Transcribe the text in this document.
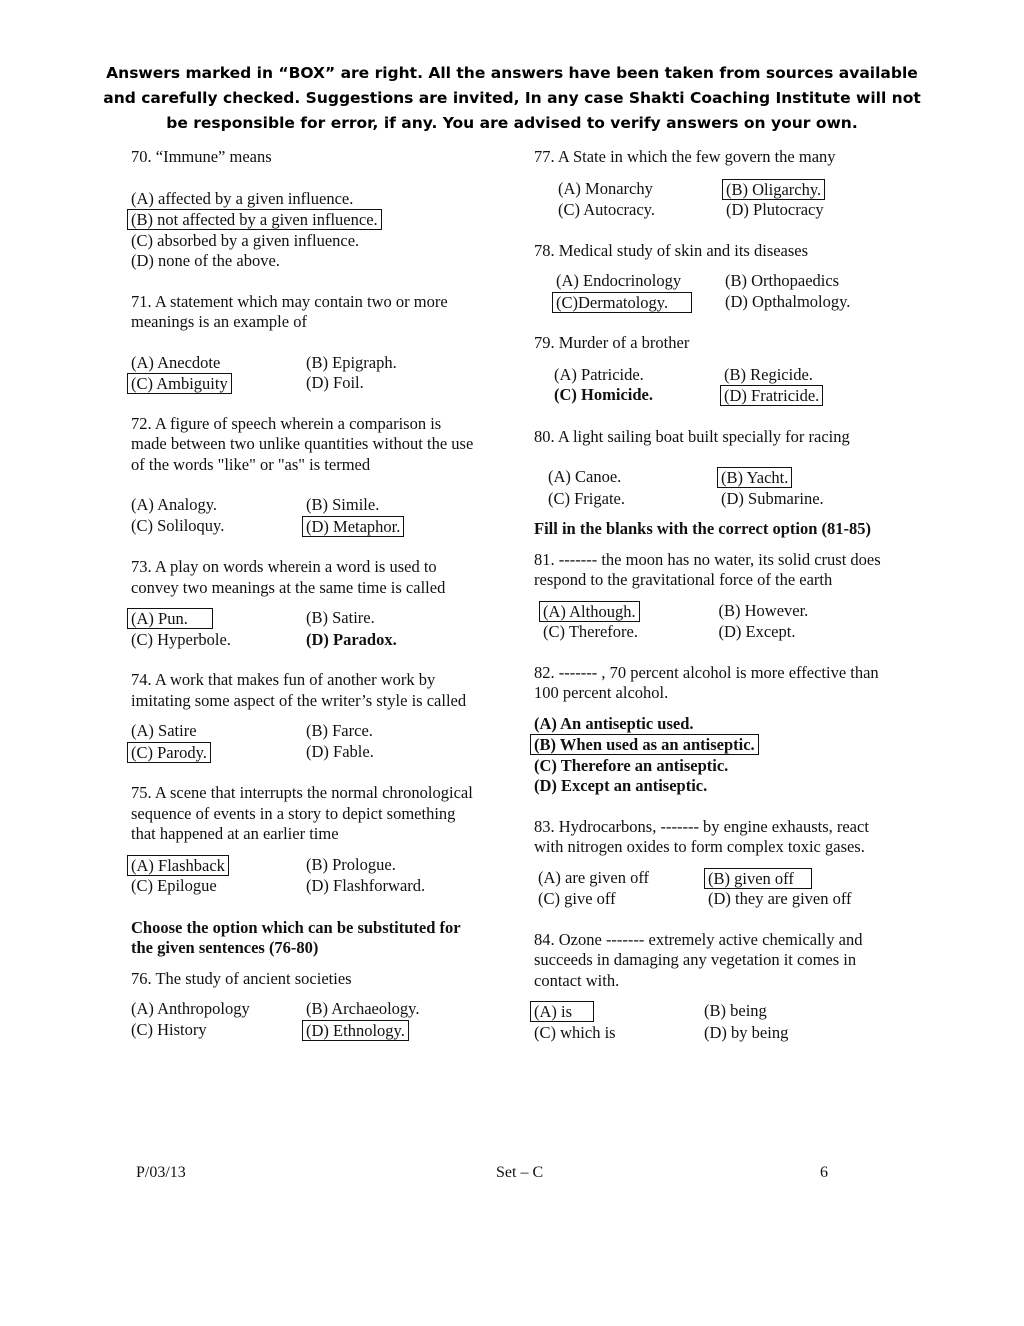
Answers marked in “BOX” are right. All the answers have been taken from sources available and carefully checked. Suggestions are invited, In any case Shakti Coaching Institute will not be responsible for error, if any. You are advised to verify answers on your own.
70. “Immune” means
(A) affected by a given influence.
(B) not affected by a given influence.
(C) absorbed by a given influence.
(D) none of the above.
71. A statement which may contain two or more meanings is an example of
(A) Anecdote	(B) Epigraph.
(C) Ambiguity	(D) Foil.
72. A figure of speech wherein a comparison is made between two unlike quantities without the use of the words "like" or "as" is termed
(A) Analogy.	(B) Simile.
(C) Soliloquy.	(D) Metaphor.
73. A play on words wherein a word is used to convey two meanings at the same time is called
(A) Pun.	(B) Satire.
(C) Hyperbole.	(D) Paradox.
74. A work that makes fun of another work by imitating some aspect of the writer’s style is called
(A) Satire	(B) Farce.
(C) Parody.	(D) Fable.
75. A scene that interrupts the normal chronological sequence of events in a story to depict something that happened at an earlier time
(A) Flashback	(B) Prologue.
(C) Epilogue	(D) Flashforward.
Choose the option which can be substituted for the given sentences (76-80)
76. The study of ancient societies
(A) Anthropology	(B) Archaeology.
(C) History	(D) Ethnology.
77. A State in which the few govern the many
(A) Monarchy	(B) Oligarchy.
(C) Autocracy.	(D) Plutocracy
78. Medical study of skin and its diseases
(A) Endocrinology	(B) Orthopaedics
(C)Dermatology.	(D) Opthalmology.
79. Murder of a brother
(A) Patricide.	(B) Regicide.
(C) Homicide.	(D) Fratricide.
80. A light sailing boat built specially for racing
(A) Canoe.	(B) Yacht.
(C) Frigate.	(D) Submarine.
Fill in the blanks with the correct option (81-85)
81. ------- the moon has no water, its solid crust does respond to the gravitational force of the earth
(A) Although.	(B) However.
(C) Therefore.	(D) Except.
82. ------- , 70 percent alcohol is more effective than 100 percent alcohol.
(A) An antiseptic used.
(B) When used as an antiseptic.
(C) Therefore an antiseptic.
(D) Except an antiseptic.
83. Hydrocarbons, ------- by engine exhausts, react with nitrogen oxides to form complex toxic gases.
(A) are given off	(B) given off
(C) give off	(D) they are given off
84. Ozone ------- extremely active chemically and succeeds in damaging any vegetation it comes in contact with.
(A) is	(B) being
(C) which is	(D) by being
P/03/13	Set – C	6
